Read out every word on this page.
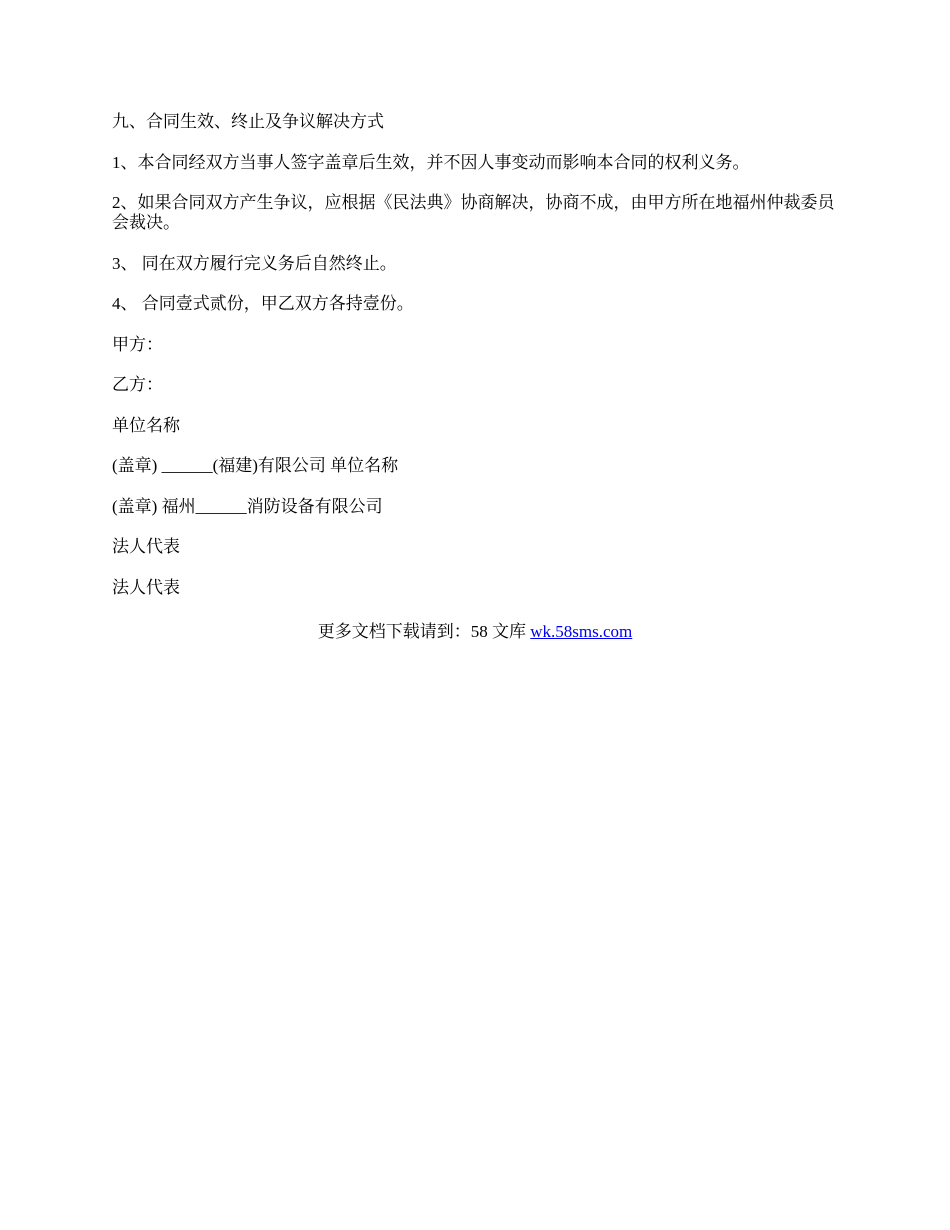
九、合同生效、终止及争议解决方式

1、本合同经双方当事人签字盖章后生效，并不因人事变动而影响本合同的权利义务。

2、如果合同双方产生争议，应根据《民法典》协商解决，协商不成，由甲方所在地福州仲裁委员会裁决。

3、 同在双方履行完义务后自然终止。

4、 合同壹式贰份，甲乙双方各持壹份。

甲方：

乙方：

单位名称

(盖章) ______(福建)有限公司 单位名称

(盖章) 福州______消防设备有限公司

法人代表

法人代表

更多文档下载请到：58 文库 wk.58sms.com
